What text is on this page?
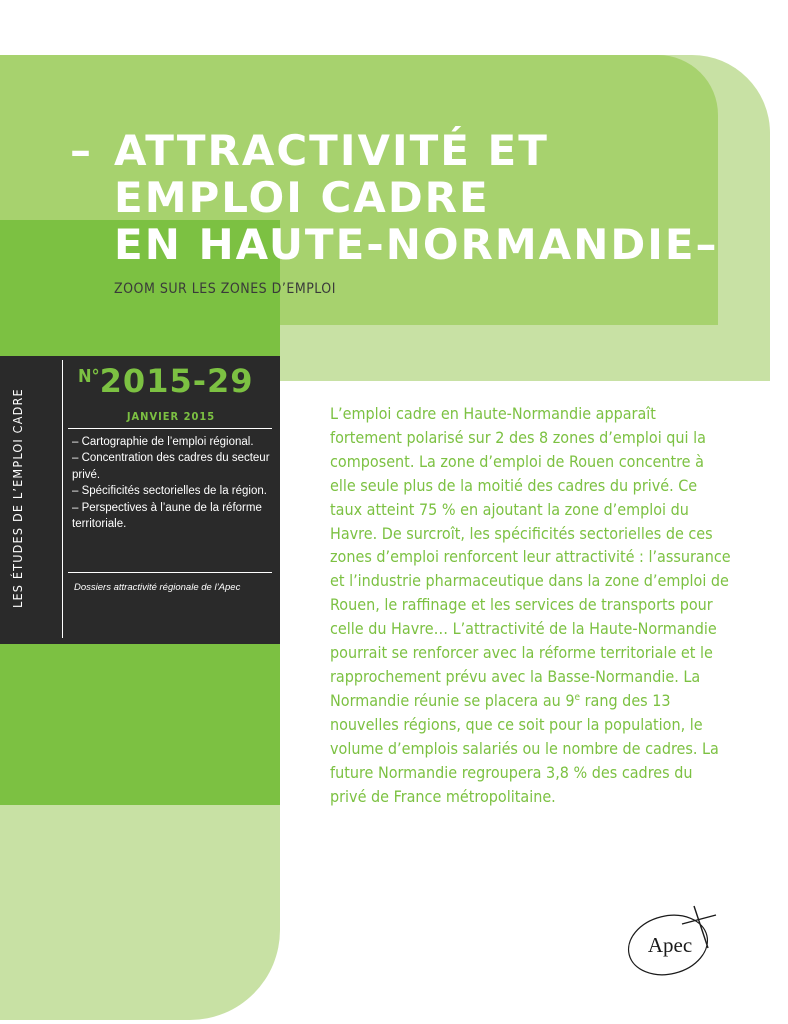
– ATTRACTIVITÉ ET
EMPLOI CADRE
EN HAUTE-NORMANDIE–

ZOOM SUR LES ZONES D’EMPLOI

LES ÉTUDES DE L’EMPLOI CADRE
N°2015-29
JANVIER 2015
– Cartographie de l’emploi régional.
– Concentration des cadres du secteur privé.
– Spécificités sectorielles de la région.
– Perspectives à l’aune de la réforme territoriale.
Dossiers attractivité régionale de l’Apec

L’emploi cadre en Haute-Normandie apparaît fortement polarisé sur 2 des 8 zones d’emploi qui la composent. La zone d’emploi de Rouen concentre à elle seule plus de la moitié des cadres du privé. Ce taux atteint 75 % en ajoutant la zone d’emploi du Havre. De surcroît, les spécificités sectorielles de ces zones d’emploi renforcent leur attractivité : l’assurance et l’industrie pharmaceutique dans la zone d’emploi de Rouen, le raffinage et les services de transports pour celle du Havre… L’attractivité de la Haute-Normandie pourrait se renforcer avec la réforme territoriale et le rapprochement prévu avec la Basse-Normandie. La Normandie réunie se placera au 9e rang des 13 nouvelles régions, que ce soit pour la population, le volume d’emplois salariés ou le nombre de cadres. La future Normandie regroupera 3,8 % des cadres du privé de France métropolitaine.

Apec
